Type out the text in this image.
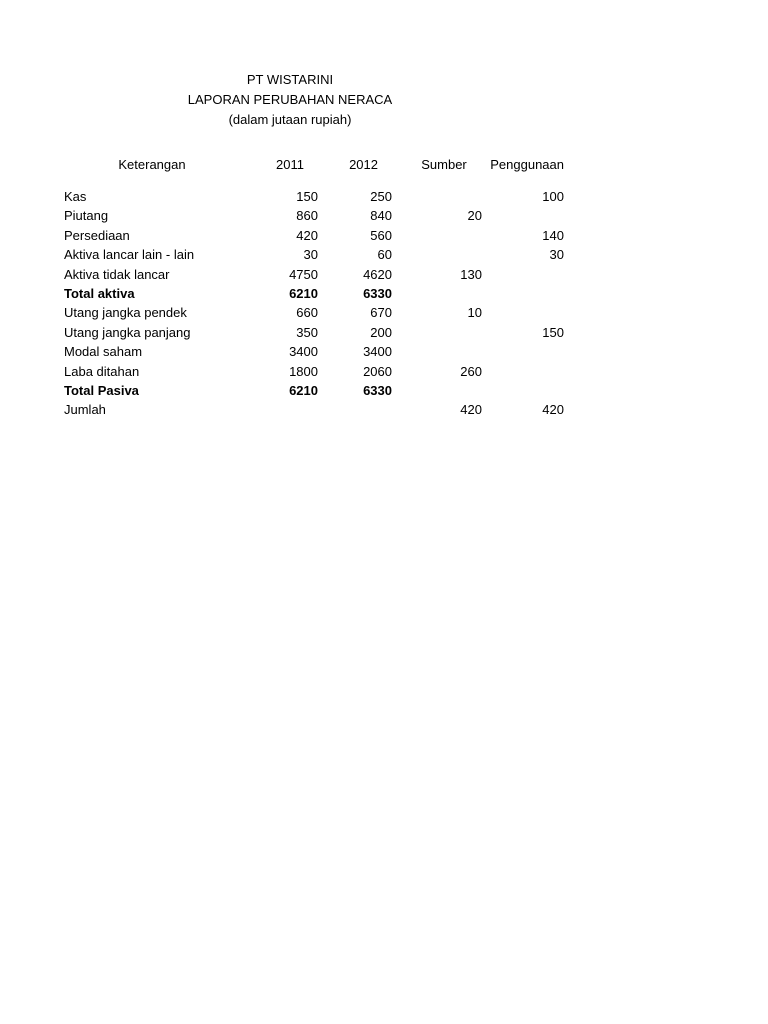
PT WISTARINI
LAPORAN PERUBAHAN NERACA
(dalam jutaan rupiah)
Keterangan	2011	2012	Sumber	Penggunaan

Kas	150	250		100
Piutang	860	840	20	
Persediaan	420	560		140
Aktiva lancar lain - lain	30	60		30
Aktiva tidak lancar	4750	4620	130	
Total aktiva	6210	6330		
Utang jangka pendek	660	670	10	
Utang jangka panjang	350	200		150
Modal saham	3400	3400		
Laba ditahan	1800	2060	260	
Total Pasiva	6210	6330		
Jumlah			420	420
